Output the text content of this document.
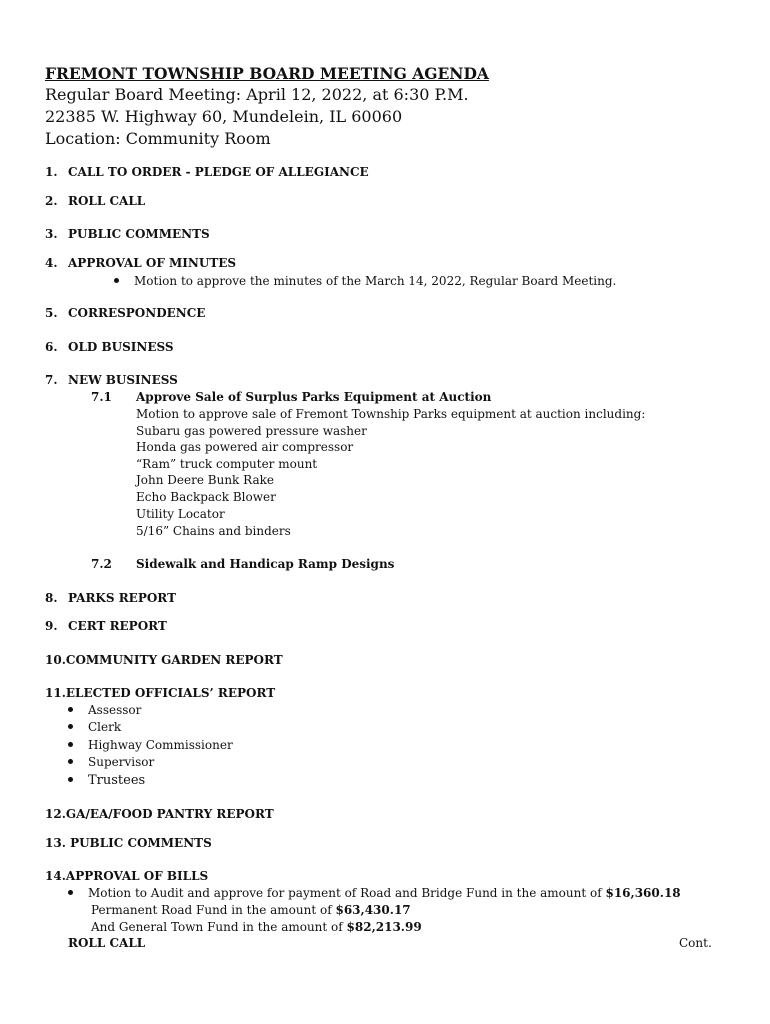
FREMONT TOWNSHIP BOARD MEETING AGENDA
Regular Board Meeting: April 12, 2022, at 6:30 P.M.
22385 W. Highway 60, Mundelein, IL 60060
Location: Community Room
1. CALL TO ORDER - PLEDGE OF ALLEGIANCE
2. ROLL CALL
3. PUBLIC COMMENTS
4. APPROVAL OF MINUTES
Motion to approve the minutes of the March 14, 2022, Regular Board Meeting.
5. CORRESPONDENCE
6. OLD BUSINESS
7. NEW BUSINESS
7.1 Approve Sale of Surplus Parks Equipment at Auction
Motion to approve sale of Fremont Township Parks equipment at auction including:
Subaru gas powered pressure washer
Honda gas powered air compressor
“Ram” truck computer mount
John Deere Bunk Rake
Echo Backpack Blower
Utility Locator
5/16” Chains and binders
7.2 Sidewalk and Handicap Ramp Designs
8. PARKS REPORT
9. CERT REPORT
10.COMMUNITY GARDEN REPORT
11.ELECTED OFFICIALS’ REPORT
Assessor
Clerk
Highway Commissioner
Supervisor
Trustees
12.GA/EA/FOOD PANTRY REPORT
13. PUBLIC COMMENTS
14.APPROVAL OF BILLS
Motion to Audit and approve for payment of Road and Bridge Fund in the amount of $16,360.18
Permanent Road Fund in the amount of $63,430.17
And General Town Fund in the amount of $82,213.99
ROLL CALL	Cont.
